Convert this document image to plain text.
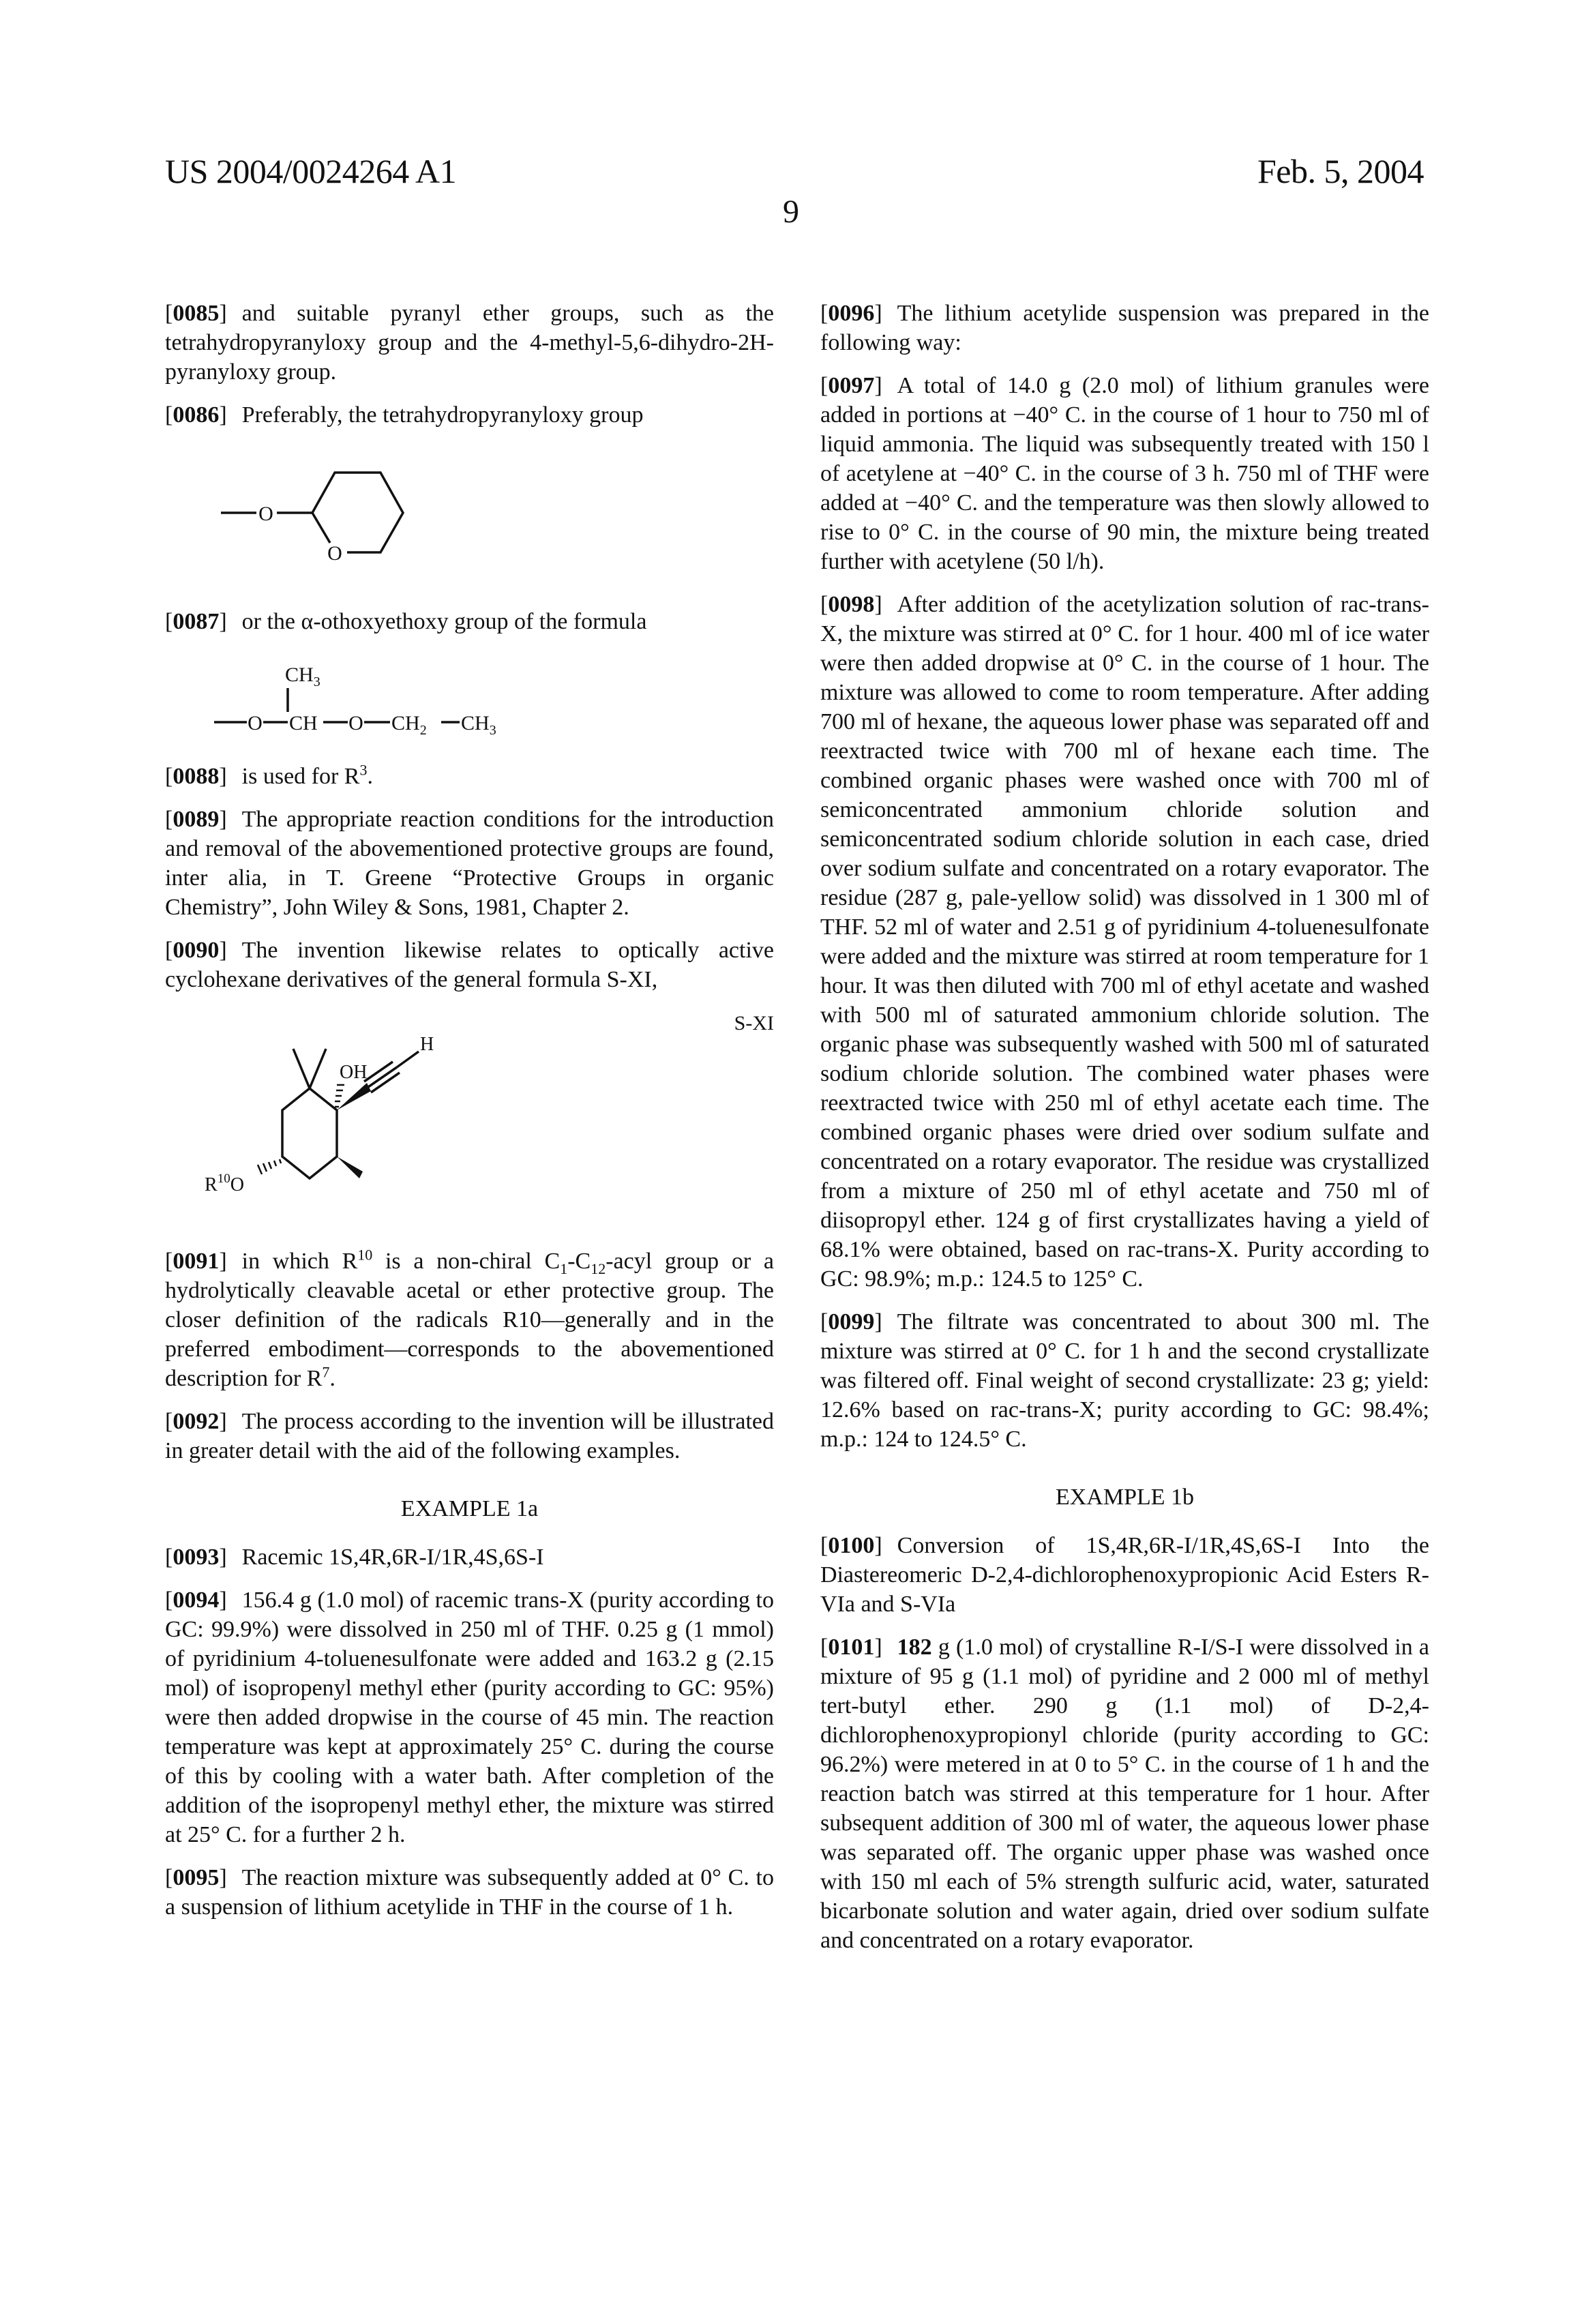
US 2004/0024264 A1	Feb. 5, 2004
9

[0085] and suitable pyranyl ether groups, such as the tetrahydropyranyloxy group and the 4-methyl-5,6-dihydro-2H-pyranyloxy group.

[0086] Preferably, the tetrahydropyranyloxy group

O
O

[0087] or the α-othoxyethoxy group of the formula

CH3
O CH O CH2 CH3

[0088] is used for R3.

[0089] The appropriate reaction conditions for the introduction and removal of the abovementioned protective groups are found, inter alia, in T. Greene “Protective Groups in organic Chemistry”, John Wiley & Sons, 1981, Chapter 2.

[0090] The invention likewise relates to optically active cyclohexane derivatives of the general formula S-XI,

S-XI
OH
H
R10O

[0091] in which R10 is a non-chiral C1-C12-acyl group or a hydrolytically cleavable acetal or ether protective group. The closer definition of the radicals R10—generally and in the preferred embodiment—corresponds to the abovemen­tioned description for R7.

[0092] The process according to the invention will be illustrated in greater detail with the aid of the following examples.

EXAMPLE 1a

[0093] Racemic 1S,4R,6R-I/1R,4S,6S-I

[0094] 156.4 g (1.0 mol) of racemic trans-X (purity according to GC: 99.9%) were dissolved in 250 ml of THF. 0.25 g (1 mmol) of pyridinium 4-toluenesulfonate were added and 163.2 g (2.15 mol) of isopropenyl methyl ether (purity according to GC: 95%) were then added dropwise in the course of 45 min. The reaction temperature was kept at approximately 25° C. during the course of this by cooling with a water bath. After completion of the addition of the isopropenyl methyl ether, the mixture was stirred at 25° C. for a further 2 h.

[0095] The reaction mixture was subsequently added at 0° C. to a suspension of lithium acetylide in THF in the course of 1 h.

[0096] The lithium acetylide suspension was prepared in the following way:

[0097] A total of 14.0 g (2.0 mol) of lithium granules were added in portions at −40° C. in the course of 1 hour to 750 ml of liquid ammonia. The liquid was subsequently treated with 150 l of acetylene at −40° C. in the course of 3 h. 750 ml of THF were added at −40° C. and the temperature was then slowly allowed to rise to 0° C. in the course of 90 min, the mixture being treated further with acetylene (50 l/h).

[0098] After addition of the acetylization solution of rac-trans-X, the mixture was stirred at 0° C. for 1 hour. 400 ml of ice water were then added dropwise at 0° C. in the course of 1 hour. The mixture was allowed to come to room temperature. After adding 700 ml of hexane, the aqueous lower phase was separated off and reextracted twice with 700 ml of hexane each time. The combined organic phases were washed once with 700 ml of semiconcentrated ammo­nium chloride solution and semiconcentrated sodium chlo­ride solution in each case, dried over sodium sulfate and concentrated on a rotary evaporator. The residue (287 g, pale-yellow solid) was dissolved in 1 300 ml of THF. 52 ml of water and 2.51 g of pyridinium 4-toluenesulfonate were added and the mixture was stirred at room temperature for 1 hour. It was then diluted with 700 ml of ethyl acetate and washed with 500 ml of saturated ammonium chloride solu­tion. The organic phase was subsequently washed with 500 ml of saturated sodium chloride solution. The combined water phases were reextracted twice with 250 ml of ethyl acetate each time. The combined organic phases were dried over sodium sulfate and concentrated on a rotary evaporator. The residue was crystallized from a mixture of 250 ml of ethyl acetate and 750 ml of diisopropyl ether. 124 g of first crystallizates having a yield of 68.1% were obtained, based on rac-trans-X. Purity according to GC: 98.9%; m.p.: 124.5 to 125° C.

[0099] The filtrate was concentrated to about 300 ml. The mixture was stirred at 0° C. for 1 h and the second crystal­lizate was filtered off. Final weight of second crystallizate: 23 g; yield: 12.6% based on rac-trans-X; purity according to GC: 98.4%; m.p.: 124 to 124.5° C.

EXAMPLE 1b

[0100] Conversion of 1S,4R,6R-I/1R,4S,6S-I Into the Diastereomeric D-2,4-dichlorophenoxypropionic Acid Esters R-VIa and S-VIa

[0101] 182 g (1.0 mol) of crystalline R-I/S-I were dis­solved in a mixture of 95 g (1.1 mol) of pyridine and 2 000 ml of methyl tert-butyl ether. 290 g (1.1 mol) of D-2,4-dichlorophenoxypropionyl chloride (purity according to GC: 96.2%) were metered in at 0 to 5° C. in the course of 1 h and the reaction batch was stirred at this temperature for 1 hour. After subsequent addition of 300 ml of water, the aqueous lower phase was separated off. The organic upper phase was washed once with 150 ml each of 5% strength sulfuric acid, water, saturated bicarbonate solution and water again, dried over sodium sulfate and concentrated on a rotary evaporator.
